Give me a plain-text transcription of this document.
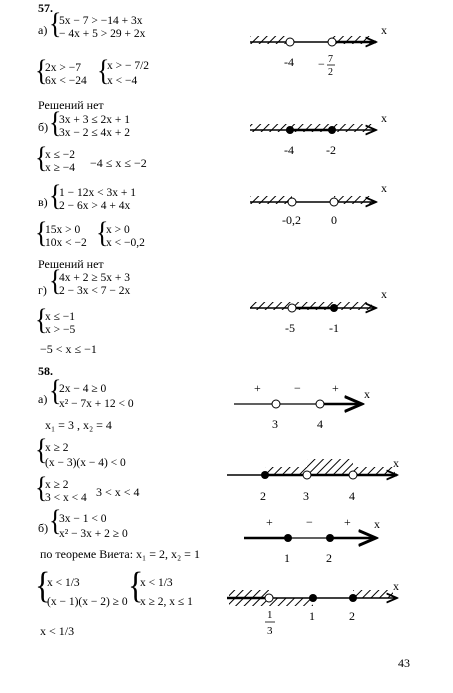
57.
а) {
5x − 7 > −14 + 3x
− 4x + 5 > 29 + 2x
{
2x > −7
6x < −24 {
x > − 7/2
x < −4
Решений нет
x
-4 − 7
2
б) {
3x + 3 ≤ 2x + 1
3x − 2 ≤ 4x + 2
{
x ≤ −2
x ≥ −4 −4 ≤ x ≤ −2
x
-4	-2
в) {
1 − 12x < 3x + 1
2 − 6x > 4 + 4x
{
15x > 0
10x < −2 {
x > 0
x < −0,2
Решений нет
x
-0,2	0
г) {
4x + 2 ≥ 5x + 3
2 − 3x < 7 − 2x
{
x ≤ −1
x > −5
−5 < x ≤ −1
x
-5	-1
58.
а) {
2x − 4 ≥ 0
x² − 7x + 12 < 0
x₁ = 3 , x₂ = 4
{
x ≥ 2
(x − 3)(x − 4) < 0
{
x ≥ 2
3 < x < 4 3 < x < 4
+	−	+ x
3	4
x
2	3	4
б) {
3x − 1 < 0
x² − 3x + 2 ≥ 0
по теореме Виета: x₁ = 2, x₂ = 1
{
x < 1/3
(x − 1)(x − 2) ≥ 0 {
x < 1/3
x ≥ 2, x ≤ 1
x < 1/3
+	−	+ x
1	2
x
1
3
1	2
43
